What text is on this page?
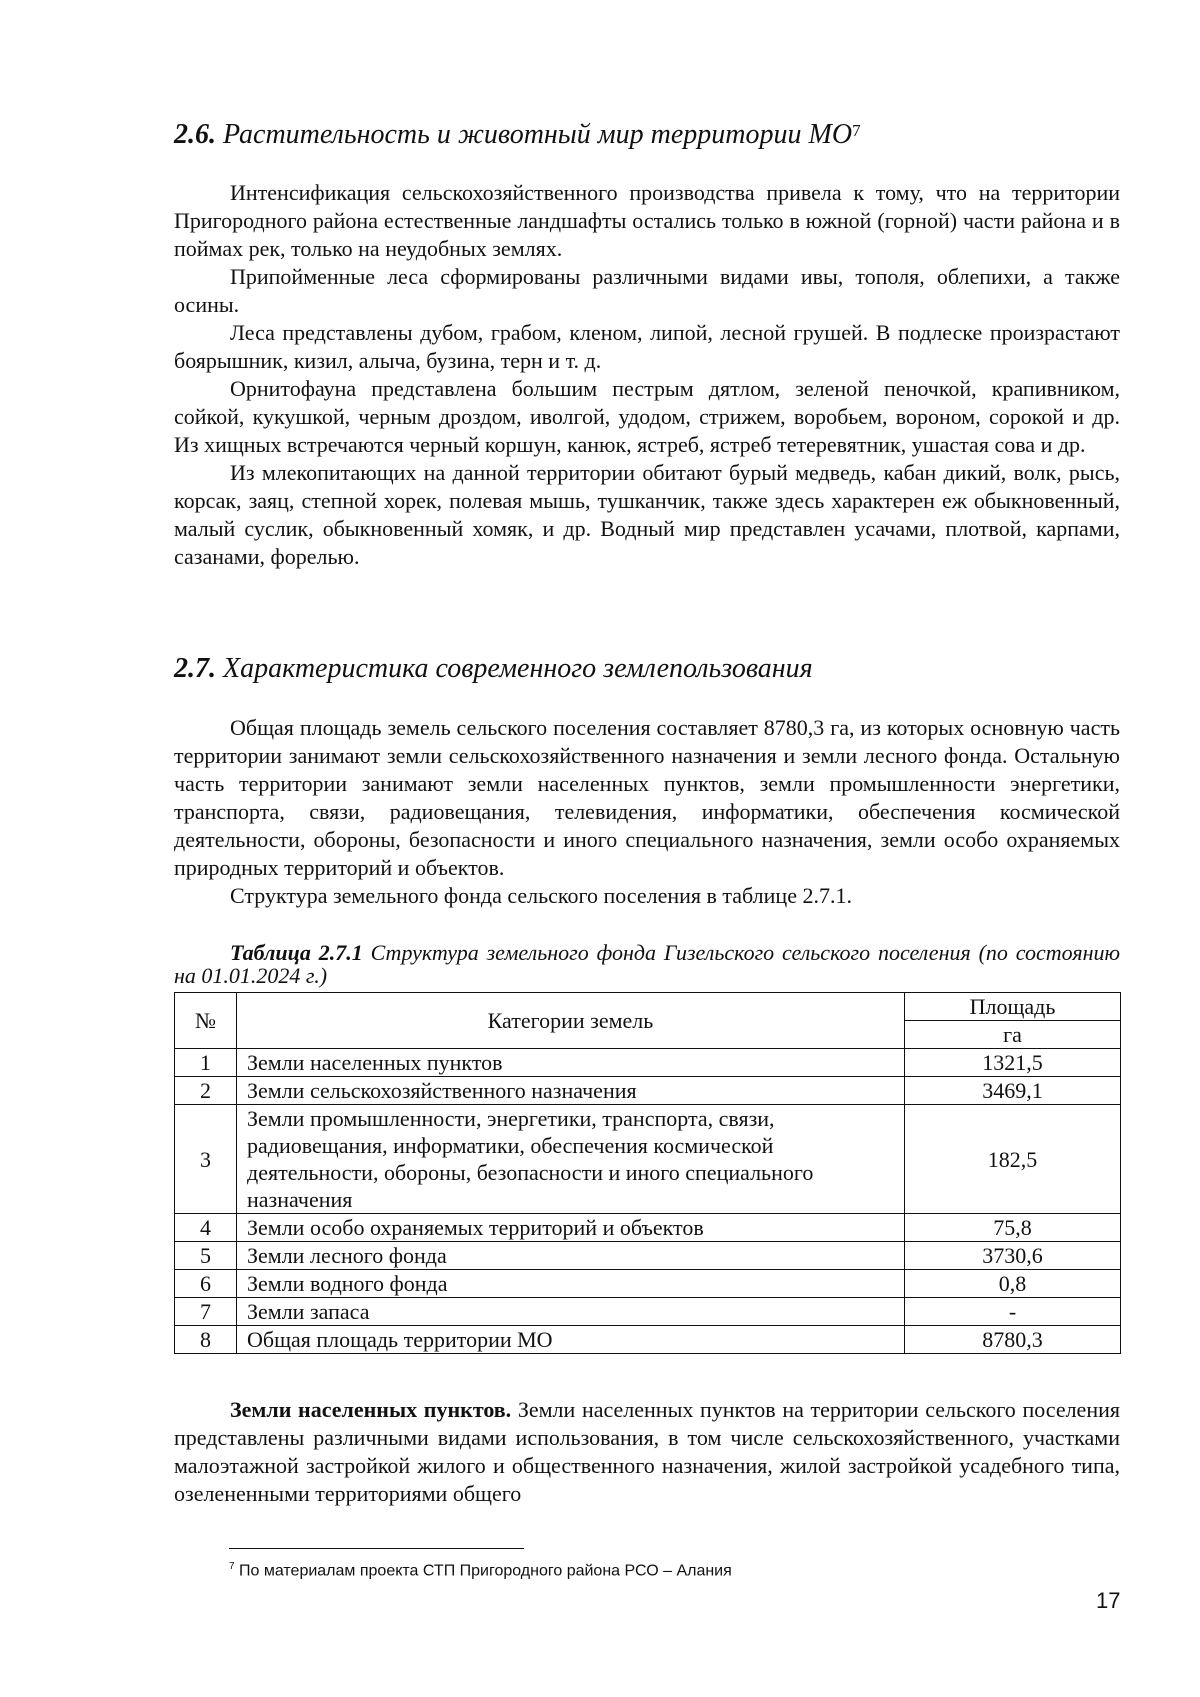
2.6. Растительность и животный мир территории $МО^7$

Интенсификация сельскохозяйственного производства привела к тому, что на территории Пригородного района естественные ландшафты остались только в южной (горной) части района и в поймах рек, только на неудобных землях.

Припойменные леса сформированы различными видами ивы, тополя, облепихи, а также осины.

Леса представлены дубом, грабом, кленом, липой, лесной грушей. В подлеске произрастают боярышник, кизил, алыча, бузина, терн и т. д.

Орнитофауна представлена большим пестрым дятлом, зеленой пеночкой, крапивником, сойкой, кукушкой, черным дроздом, иволгой, удодом, стрижем, воробьем, вороном, сорокой и др. Из хищных встречаются черный коршун, канюк, ястреб, ястреб тетеревятник, ушастая сова и др.

Из млекопитающих на данной территории обитают бурый медведь, кабан дикий, волк, рысь, корсак, заяц, степной хорек, полевая мышь, тушканчик, также здесь характерен еж обыкновенный, малый суслик, обыкновенный хомяк, и др. Водный мир представлен усачами, плотвой, карпами, сазанами, форелью.

2.7. Характеристика современного землепользования

Общая площадь земель сельского поселения составляет 8780,3 га, из которых основную часть территории занимают земли сельскохозяйственного назначения и земли лесного фонда. Остальную часть территории занимают земли населенных пунктов, земли промышленности энергетики, транспорта, связи, радиовещания, телевидения, информатики, обеспечения космической деятельности, обороны, безопасности и иного специального назначения, земли особо охраняемых природных территорий и объектов.

Структура земельного фонда сельского поселения в таблице 2.7.1.

Таблица 2.7.1 Структура земельного фонда Гизельского сельского поселения (по состоянию на 01.01.2024 г.)

№	Категории земель	Площадь
		га
1	Земли населенных пунктов	1321,5
2	Земли сельскохозяйственного назначения	3469,1
3	Земли промышленности, энергетики, транспорта, связи, радиовещания, информатики, обеспечения космической деятельности, обороны, безопасности и иного специального назначения	182,5
4	Земли особо охраняемых территорий и объектов	75,8
5	Земли лесного фонда	3730,6
6	Земли водного фонда	0,8
7	Земли запаса	-
8	Общая площадь территории МО	8780,3

Земли населенных пунктов. Земли населенных пунктов на территории сельского поселения представлены различными видами использования, в том числе сельскохозяйственного, участками малоэтажной застройкой жилого и общественного назначения, жилой застройкой усадебного типа, озелененными территориями общего

$^7$ По материалам проекта СТП Пригородного района РСО – Алания
17
